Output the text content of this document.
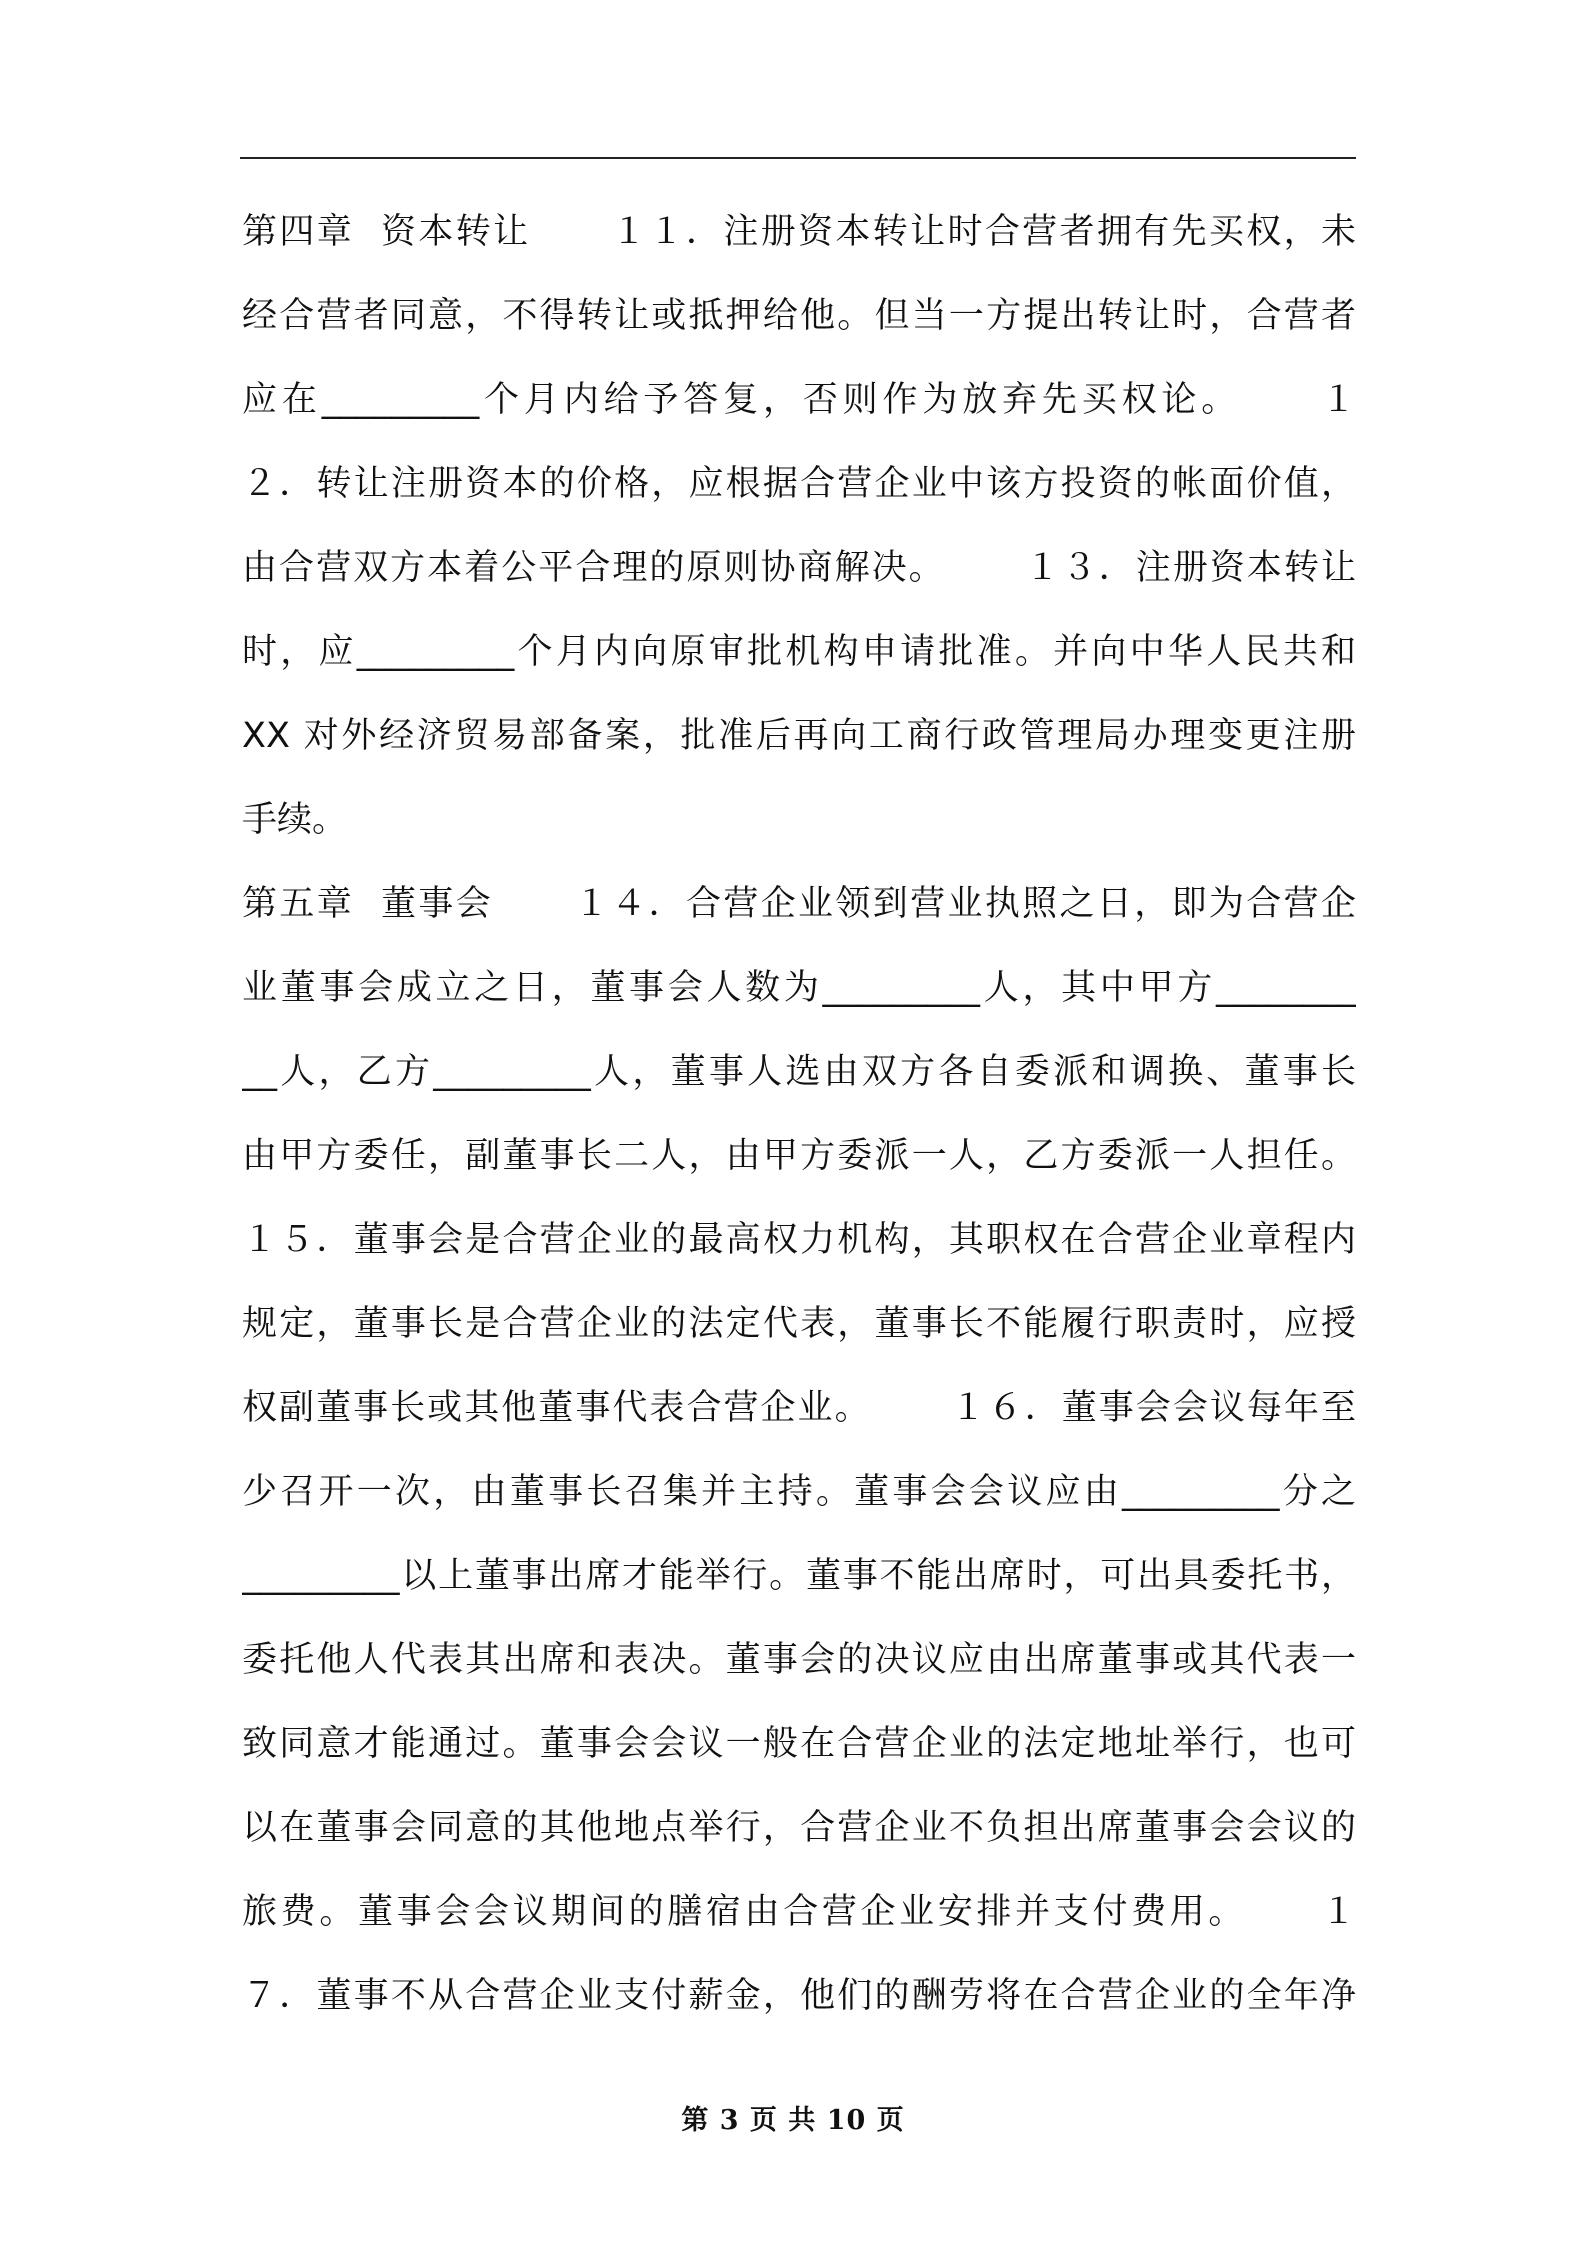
第四章  资本转让      １１．注册资本转让时合营者拥有先买权，未
经合营者同意，不得转让或抵押给他。但当一方提出转让时，合营者
应在_________个月内给予答复，否则作为放弃先买权论。     １
２．转让注册资本的价格，应根据合营企业中该方投资的帐面价值，
由合营双方本着公平合理的原则协商解决。      １３．注册资本转让
时，应_________个月内向原审批机构申请批准。并向中华人民共和
XX 对外经济贸易部备案，批准后再向工商行政管理局办理变更注册
手续。
第五章  董事会      １４．合营企业领到营业执照之日，即为合营企
业董事会成立之日，董事会人数为_________人，其中甲方________
__人，乙方_________人，董事人选由双方各自委派和调换、董事长
由甲方委任，副董事长二人，由甲方委派一人，乙方委派一人担任。
１５．董事会是合营企业的最高权力机构，其职权在合营企业章程内
规定，董事长是合营企业的法定代表，董事长不能履行职责时，应授
权副董事长或其他董事代表合营企业。      １６．董事会会议每年至
少召开一次，由董事长召集并主持。董事会会议应由_________分之
_________以上董事出席才能举行。董事不能出席时，可出具委托书，
委托他人代表其出席和表决。董事会的决议应由出席董事或其代表一
致同意才能通过。董事会会议一般在合营企业的法定地址举行，也可
以在董事会同意的其他地点举行，合营企业不负担出席董事会会议的
旅费。董事会会议期间的膳宿由合营企业安排并支付费用。     １
７．董事不从合营企业支付薪金，他们的酬劳将在合营企业的全年净
第 3 页 共 10 页
